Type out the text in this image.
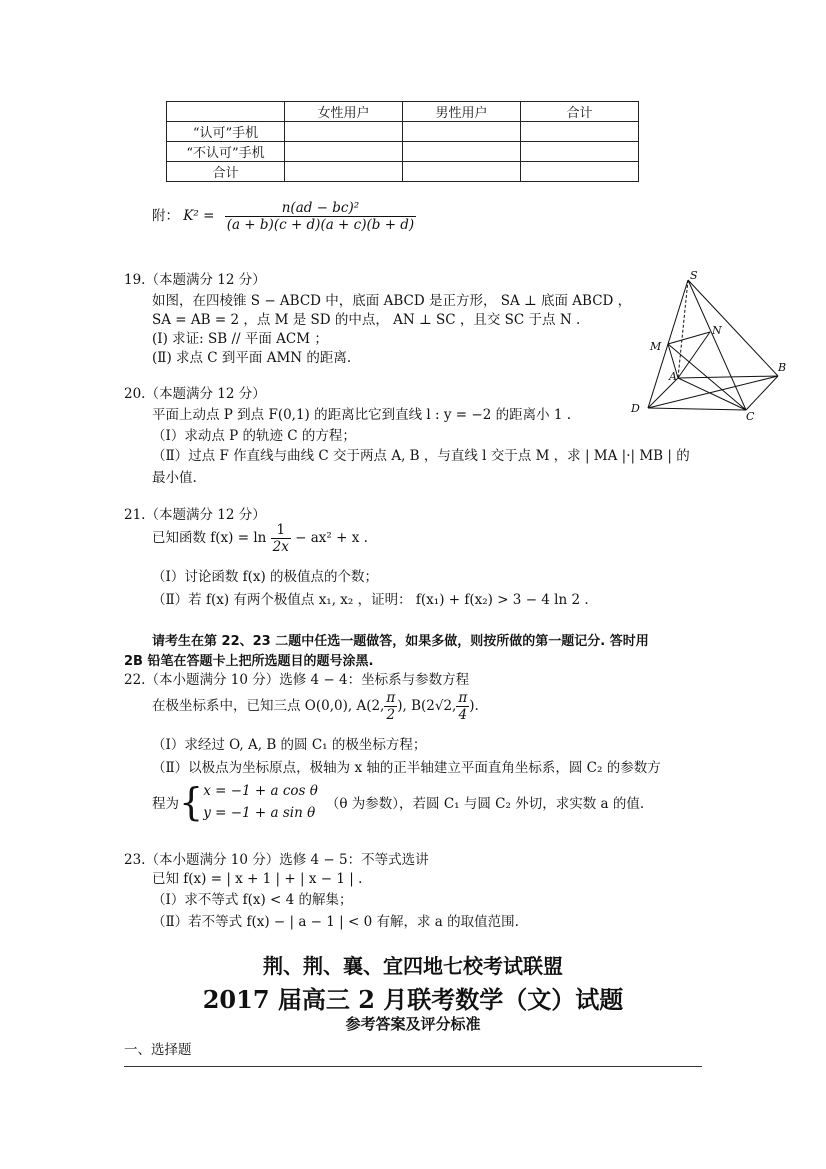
	女性用户	男性用户	合计
“认可”手机			
“不认可”手机			
合计			
附： $K^2 = \frac{\text{n(ad − bc)²}}{(a + b)(c + d)(a + c)(b + d)}$
19.（本题满分 12 分）
如图，在四棱锥 S − ABCD 中，底面 ABCD 是正方形， SA ⊥ 底面 ABCD ，
SA = AB = 2 ，点 M 是 SD 的中点， AN ⊥ SC ，且交 SC 于点 N .
(Ⅰ) 求证: SB // 平面 ACM ；
(Ⅱ) 求点 C 到平面 AMN 的距离.
S
N
M
A
B
D
C
20.（本题满分 12 分）
平面上动点 P 到点 F(0,1) 的距离比它到直线 l : y = −2 的距离小 1 .
（Ⅰ）求动点 P 的轨迹 C 的方程；
（Ⅱ）过点 F 作直线与曲线 C 交于两点 A, B ，与直线 l 交于点 M ，求 | MA |·| MB | 的
最小值.
21.（本题满分 12 分）
已知函数 $f(x) = \ln \frac{1}{2x} - ax^2 + x$ .
（Ⅰ）讨论函数 f(x) 的极值点的个数；
（Ⅱ）若 f(x) 有两个极值点 x₁, x₂ ，证明： f(x₁) + f(x₂) > 3 − 4 ln 2 .
请考生在第 22、23 二题中任选一题做答，如果多做，则按所做的第一题记分. 答时用
2B 铅笔在答题卡上把所选题目的题号涂黑.
22.（本小题满分 10 分）选修 4 − 4：坐标系与参数方程
在极坐标系中，已知三点 O(0,0), A(2, $\frac{\pi}{2}$ ), B(2√2, $\frac{\pi}{4}$ ).
（Ⅰ）求经过 O, A, B 的圆 C₁ 的极坐标方程；
（Ⅱ）以极点为坐标原点，极轴为 x 轴的正半轴建立平面直角坐标系，圆 C₂ 的参数方
程为{ x = −1 + a cos θ
y = −1 + a sin θ
（θ 为参数），若圆 C₁ 与圆 C₂ 外切，求实数 a 的值.
23.（本小题满分 10 分）选修 4 − 5：不等式选讲
已知 f(x) = | x + 1 | + | x − 1 | .
（Ⅰ）求不等式 f(x) < 4 的解集；
（Ⅱ）若不等式 f(x) − | a − 1 | < 0 有解，求 a 的取值范围.
荆、荆、襄、宜四地七校考试联盟
2017 届高三 2 月联考数学（文）试题
参考答案及评分标准
一、选择题
